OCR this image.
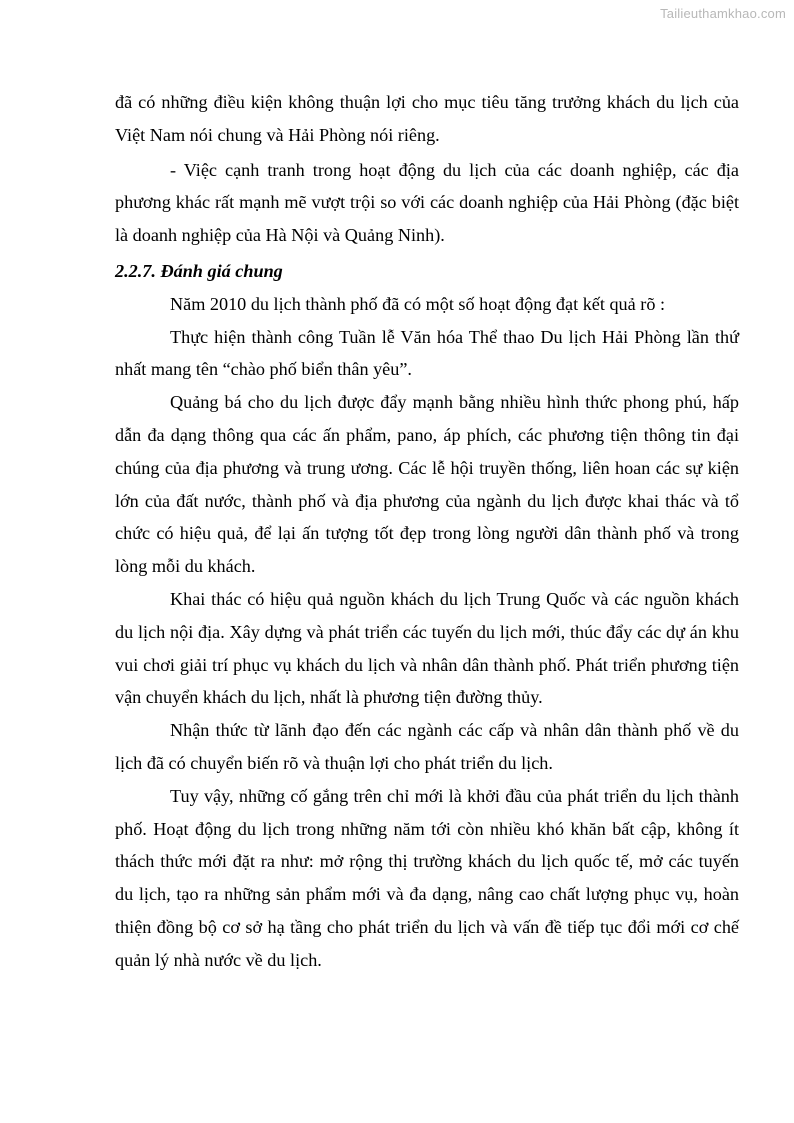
Tailieuthamkhao.com

đã có những điều kiện không thuận lợi cho mục tiêu tăng trưởng khách du lịch của Việt Nam nói chung và Hải Phòng nói riêng.

- Việc cạnh tranh trong hoạt động du lịch của các doanh nghiệp, các địa phương khác rất mạnh mẽ vượt trội so với các doanh nghiệp của Hải Phòng (đặc biệt là doanh nghiệp của Hà Nội và Quảng Ninh).

2.2.7. Đánh giá chung

Năm 2010 du lịch thành phố đã có một số hoạt động đạt kết quả rõ :

Thực hiện thành công Tuần lễ Văn hóa Thể thao Du lịch Hải Phòng lần thứ nhất mang tên “chào phố biển thân yêu”.

Quảng bá cho du lịch được đẩy mạnh bằng nhiều hình thức phong phú, hấp dẫn đa dạng thông qua các ấn phẩm, pano, áp phích, các phương tiện thông tin đại chúng của địa phương và trung ương. Các lễ hội truyền thống, liên hoan các sự kiện lớn của đất nước, thành phố và địa phương của ngành du lịch được khai thác và tổ chức có hiệu quả, để lại ấn tượng tốt đẹp trong lòng người dân thành phố và trong lòng mỗi du khách.

Khai thác có hiệu quả nguồn khách du lịch Trung Quốc và các nguồn khách du lịch nội địa. Xây dựng và phát triển các tuyến du lịch mới, thúc đẩy các dự án khu vui chơi giải trí phục vụ khách du lịch và nhân dân thành phố. Phát triển phương tiện vận chuyển khách du lịch, nhất là phương tiện đường thủy.

Nhận thức từ lãnh đạo đến các ngành các cấp và nhân dân thành phố về du lịch đã có chuyển biến rõ và thuận lợi cho phát triển du lịch.

Tuy vậy, những cố gắng trên chỉ mới là khởi đầu của phát triển du lịch thành phố. Hoạt động du lịch trong những năm tới còn nhiều khó khăn bất cập, không ít thách thức mới đặt ra như: mở rộng thị trường khách du lịch quốc tế, mở các tuyến du lịch, tạo ra những sản phẩm mới và đa dạng, nâng cao chất lượng phục vụ, hoàn thiện đồng bộ cơ sở hạ tầng cho phát triển du lịch và vấn đề tiếp tục đổi mới cơ chế quản lý nhà nước về du lịch.
